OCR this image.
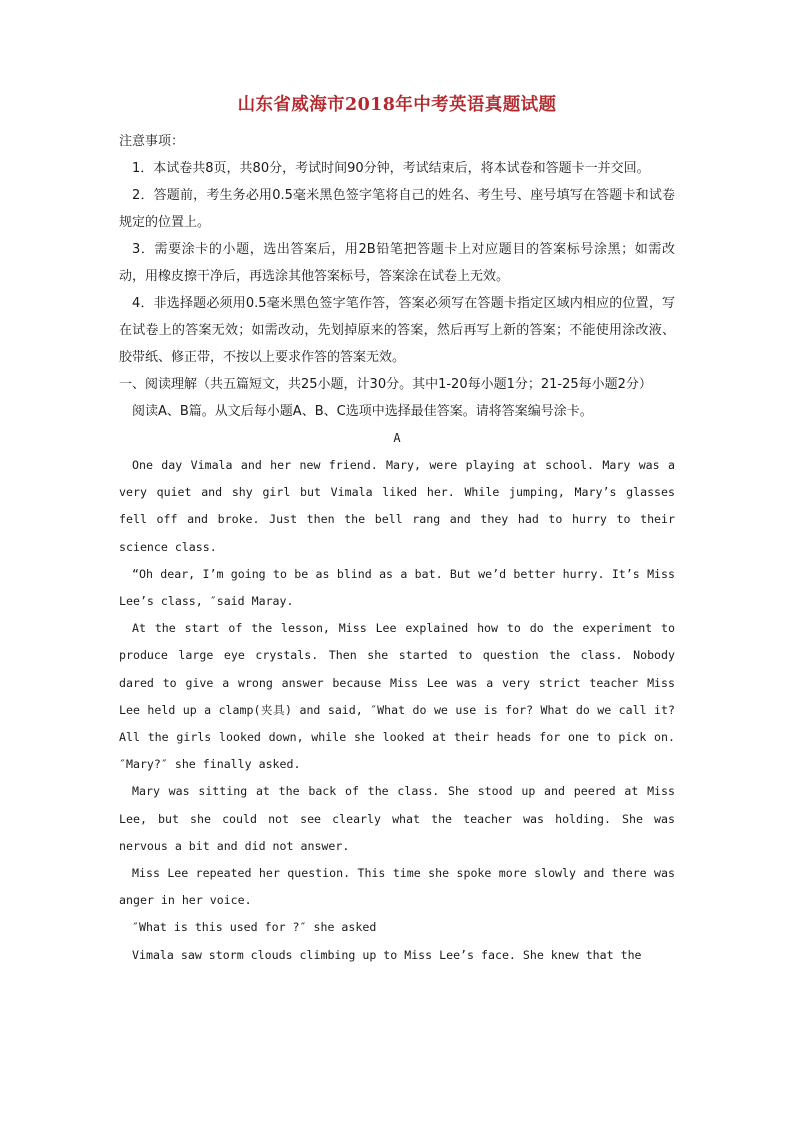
山东省威海市2018年中考英语真题试题

注意事项：

1．本试卷共8页，共80分，考试时间90分钟，考试结束后，将本试卷和答题卡一并交回。

2．答题前，考生务必用0.5毫米黑色签字笔将自己的姓名、考生号、座号填写在答题卡和试卷规定的位置上。

3．需要涂卡的小题，选出答案后，用2B铅笔把答题卡上对应题目的答案标号涂黑；如需改动，用橡皮擦干净后，再选涂其他答案标号，答案涂在试卷上无效。

4．非选择题必须用0.5毫米黑色签字笔作答，答案必须写在答题卡指定区域内相应的位置，写在试卷上的答案无效；如需改动，先划掉原来的答案，然后再写上新的答案；不能使用涂改液、胶带纸、修正带，不按以上要求作答的答案无效。

一、阅读理解（共五篇短文，共25小题，计30分。其中1-20每小题1分；21-25每小题2分）

阅读A、B篇。从文后每小题A、B、C选项中选择最佳答案。请将答案编号涂卡。

A

One day Vimala and her new friend. Mary, were playing at school. Mary was a very quiet and shy girl but Vimala liked her. While jumping, Mary’s glasses fell off and broke. Just then the bell rang and they had to hurry to their science class.

“Oh dear, I’m going to be as blind as a bat. But we’d better hurry. It’s Miss Lee’s class, ″said Maray.

At the start of the lesson, Miss Lee explained how to do the experiment to produce large eye crystals. Then she started to question the class. Nobody dared to give a wrong answer because Miss Lee was a very strict teacher Miss Lee held up a clamp(夹具) and said, ″What do we use is for? What do we call it? All the girls looked down, while she looked at their heads for one to pick on. ″Mary?″ she finally asked.

Mary was sitting at the back of the class. She stood up and peered at Miss Lee, but she could not see clearly what the teacher was holding. She was nervous a bit and did not answer.

Miss Lee repeated her question. This time she spoke more slowly and there was anger in her voice.

″What is this used for ?″ she asked

Vimala saw storm clouds climbing up to Miss Lee’s face. She knew that the
